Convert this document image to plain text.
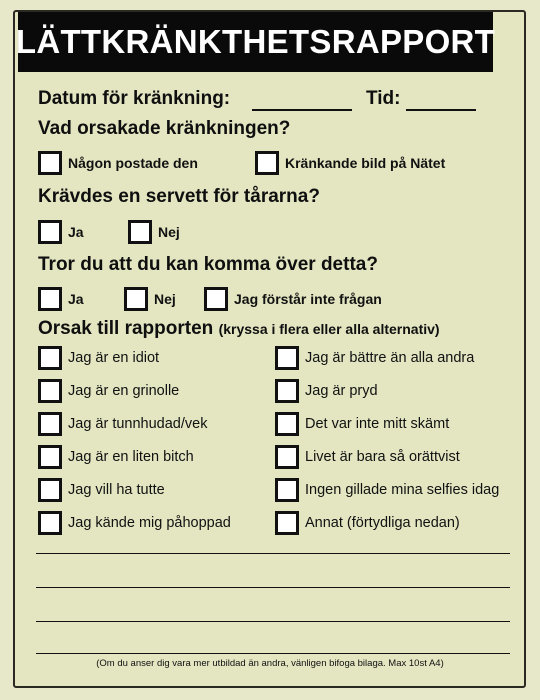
LÄTTKRÄNKTHETSRAPPORT
Datum för kränkning:	Tid:
Vad orsakade kränkningen?
Någon postade den	Kränkande bild på Nätet
Krävdes en servett för tårarna?
Ja	Nej
Tror du att du kan komma över detta?
Ja	Nej	Jag förstår inte frågan
Orsak till rapporten (kryssa i flera eller alla alternativ)
(Om du anser dig vara mer utbildad än andra, vänligen bifoga bilaga. Max 10st A4)
Jag är en idiot
Jag är en grinolle
Jag är tunnhudad/vek
Jag är en liten bitch
Jag vill ha tutte
Jag kände mig påhoppad
Jag är bättre än alla andra
Jag är pryd
Det var inte mitt skämt
Livet är bara så orättvist
Ingen gillade mina selfies idag
Annat (förtydliga nedan)
